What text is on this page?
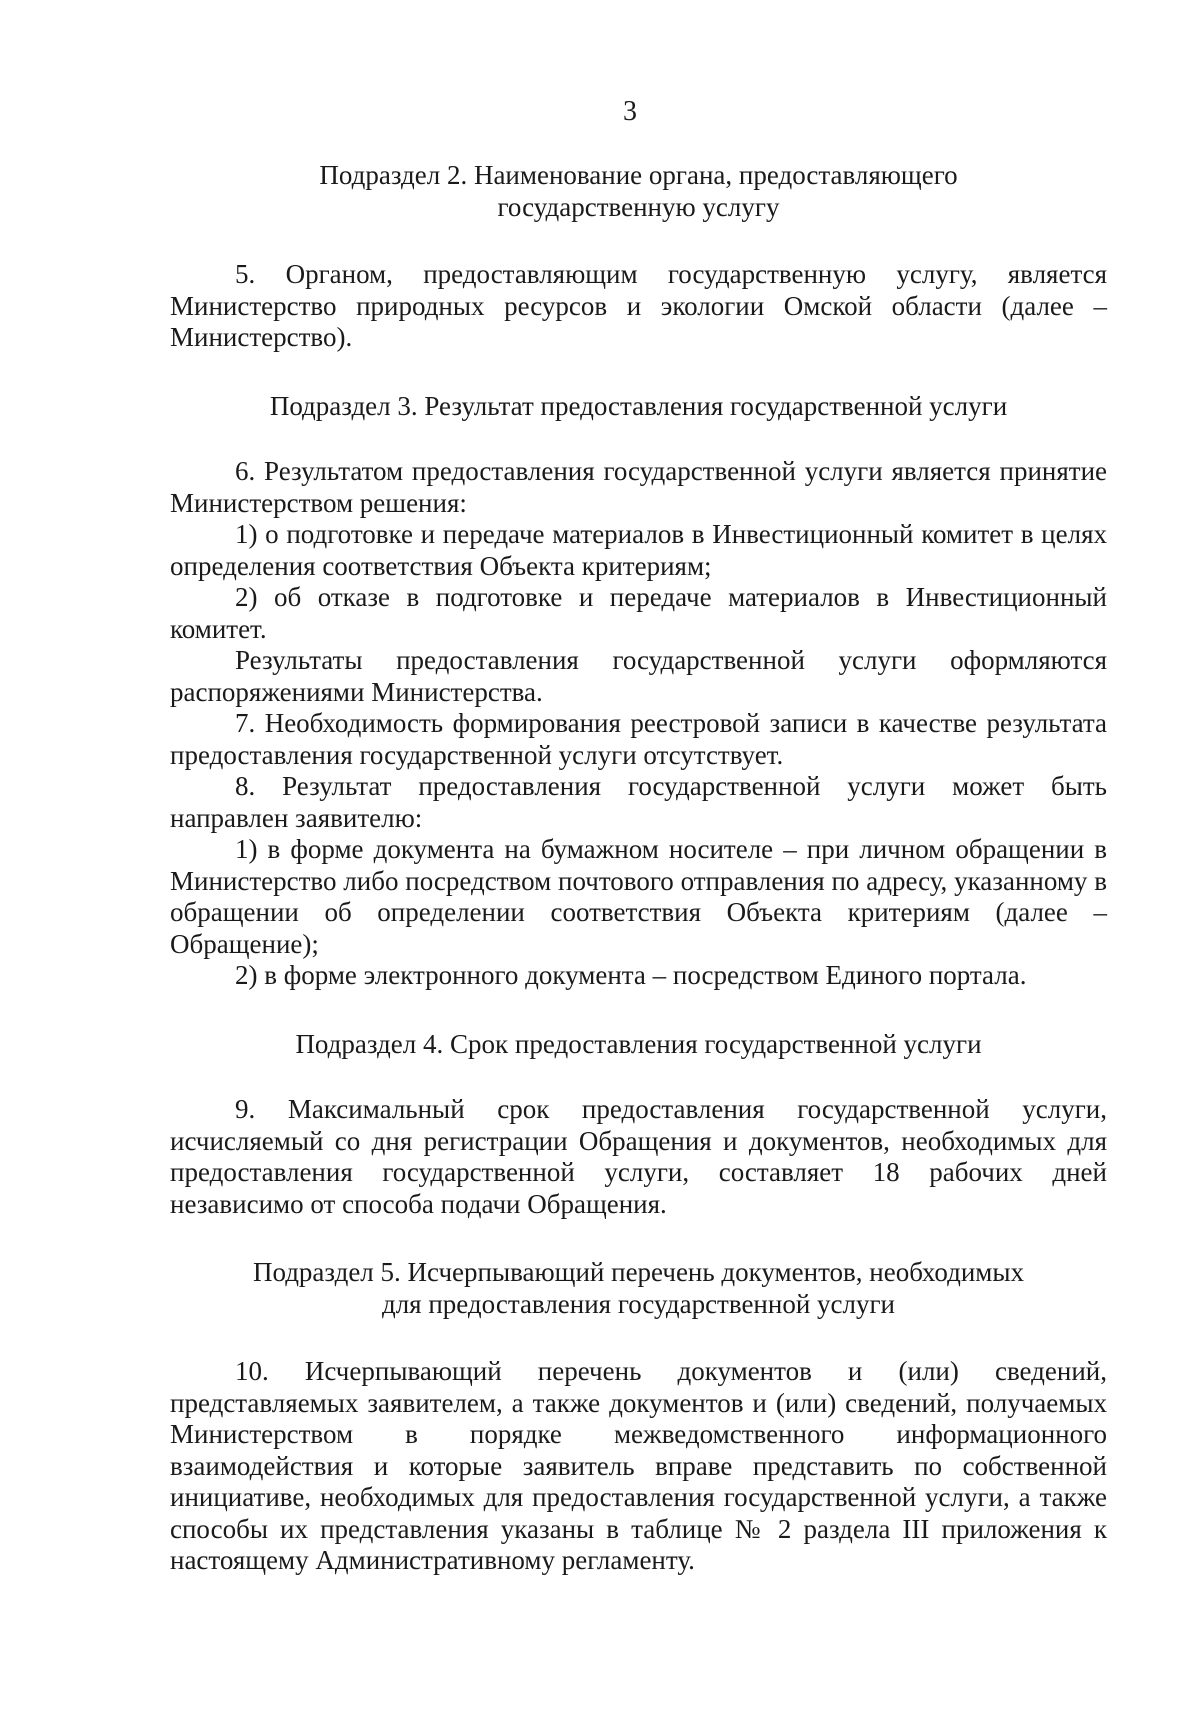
3

Подраздел 2. Наименование органа, предоставляющего
государственную услугу

5. Органом, предоставляющим государственную услугу, является Министерство природных ресурсов и экологии Омской области (далее – Министерство).

Подраздел 3. Результат предоставления государственной услуги

6. Результатом предоставления государственной услуги является принятие Министерством решения:

1) о подготовке и передаче материалов в Инвестиционный комитет в целях определения соответствия Объекта критериям;

2) об отказе в подготовке и передаче материалов в Инвестиционный комитет.

Результаты предоставления государственной услуги оформляются распоряжениями Министерства.

7. Необходимость формирования реестровой записи в качестве результата предоставления государственной услуги отсутствует.

8. Результат предоставления государственной услуги может быть направлен заявителю:

1) в форме документа на бумажном носителе – при личном обращении в Министерство либо посредством почтового отправления по адресу, указанному в обращении об определении соответствия Объекта критериям (далее – Обращение);

2) в форме электронного документа – посредством Единого портала.

Подраздел 4. Срок предоставления государственной услуги

9. Максимальный срок предоставления государственной услуги, исчисляемый со дня регистрации Обращения и документов, необходимых для предоставления государственной услуги, составляет 18 рабочих дней независимо от способа подачи Обращения.

Подраздел 5. Исчерпывающий перечень документов, необходимых
для предоставления государственной услуги

10. Исчерпывающий перечень документов и (или) сведений, представляемых заявителем, а также документов и (или) сведений, получаемых Министерством в порядке межведомственного информационного взаимодействия и которые заявитель вправе представить по собственной инициативе, необходимых для предоставления государственной услуги, а также способы их представления указаны в таблице № 2 раздела III приложения к настоящему Административному регламенту.
